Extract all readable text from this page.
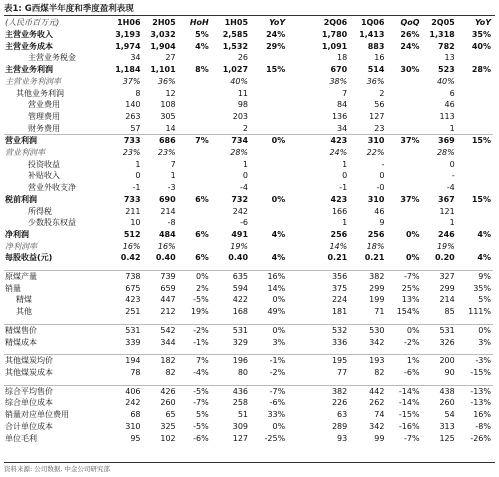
表1: G西煤半年度和季度盈利表现
(人民币百万元)	1H06	2H05	HoH	1H05	YoY		2Q06	1Q06	QoQ	2Q05	YoY
主营业务收入	3,193	3,032	5%	2,585	24%		1,780	1,413	26%	1,318	35%
主营业务成本	1,974	1,904	4%	1,532	29%		1,091	883	24%	782	40%
主营业务税金	34	27		26			18	16		13	
主营业务利润	1,184	1,101	8%	1,027	15%		670	514	30%	523	28%
主营业务利润率	37%	36%		40%			38%	36%		40%	
其他业务利润	8	12		11			7	2		6	
营业费用	140	108		98			84	56		46	
管理费用	263	305		203			136	127		113	
财务费用	57	14		2			34	23		1	
营业利润	733	686	7%	734	0%		423	310	37%	369	15%
营业利润率	23%	23%		28%			24%	22%		28%	
投资收益	1	7		1			1	-		0	
补贴收入	0	1		0			0	0		-	
营业外收支净	-1	-3		-4			-1	-0		-4	
税前利润	733	690	6%	732	0%		423	310	37%	367	15%
所得税	211	214		242			166	46		121	
少数股东权益	10	-8		-6			1	9		1	
净利润	512	484	6%	491	4%		256	256	0%	246	4%
净利润率	16%	16%		19%			14%	18%		19%	
每股收益(元)	0.42	0.40	6%	0.40	4%		0.21	0.21	0%	0.20	4%

原煤产量	738	739	0%	635	16%		356	382	-7%	327	9%
销量	675	659	2%	594	14%		375	299	25%	299	35%
精煤	423	447	-5%	422	0%		224	199	13%	214	5%
其他	251	212	19%	168	49%		181	71	154%	85	111%

精煤售价	531	542	-2%	531	0%		532	530	0%	531	0%
精煤成本	339	344	-1%	329	3%		336	342	-2%	326	3%

其他煤炭均价	194	182	7%	196	-1%		195	193	1%	200	-3%
其他煤炭成本	78	82	-4%	80	-2%		77	82	-6%	90	-15%

综合平均售价	406	426	-5%	436	-7%		382	442	-14%	438	-13%
综合单位成本	242	260	-7%	258	-6%		226	262	-14%	260	-13%
销量对应单位费用	68	65	5%	51	33%		63	74	-15%	54	16%
合计单位成本	310	325	-5%	309	0%		289	342	-16%	313	-8%
单位毛利	95	102	-6%	127	-25%		93	99	-7%	125	-26%
资料来源: 公司数据, 中金公司研究部
